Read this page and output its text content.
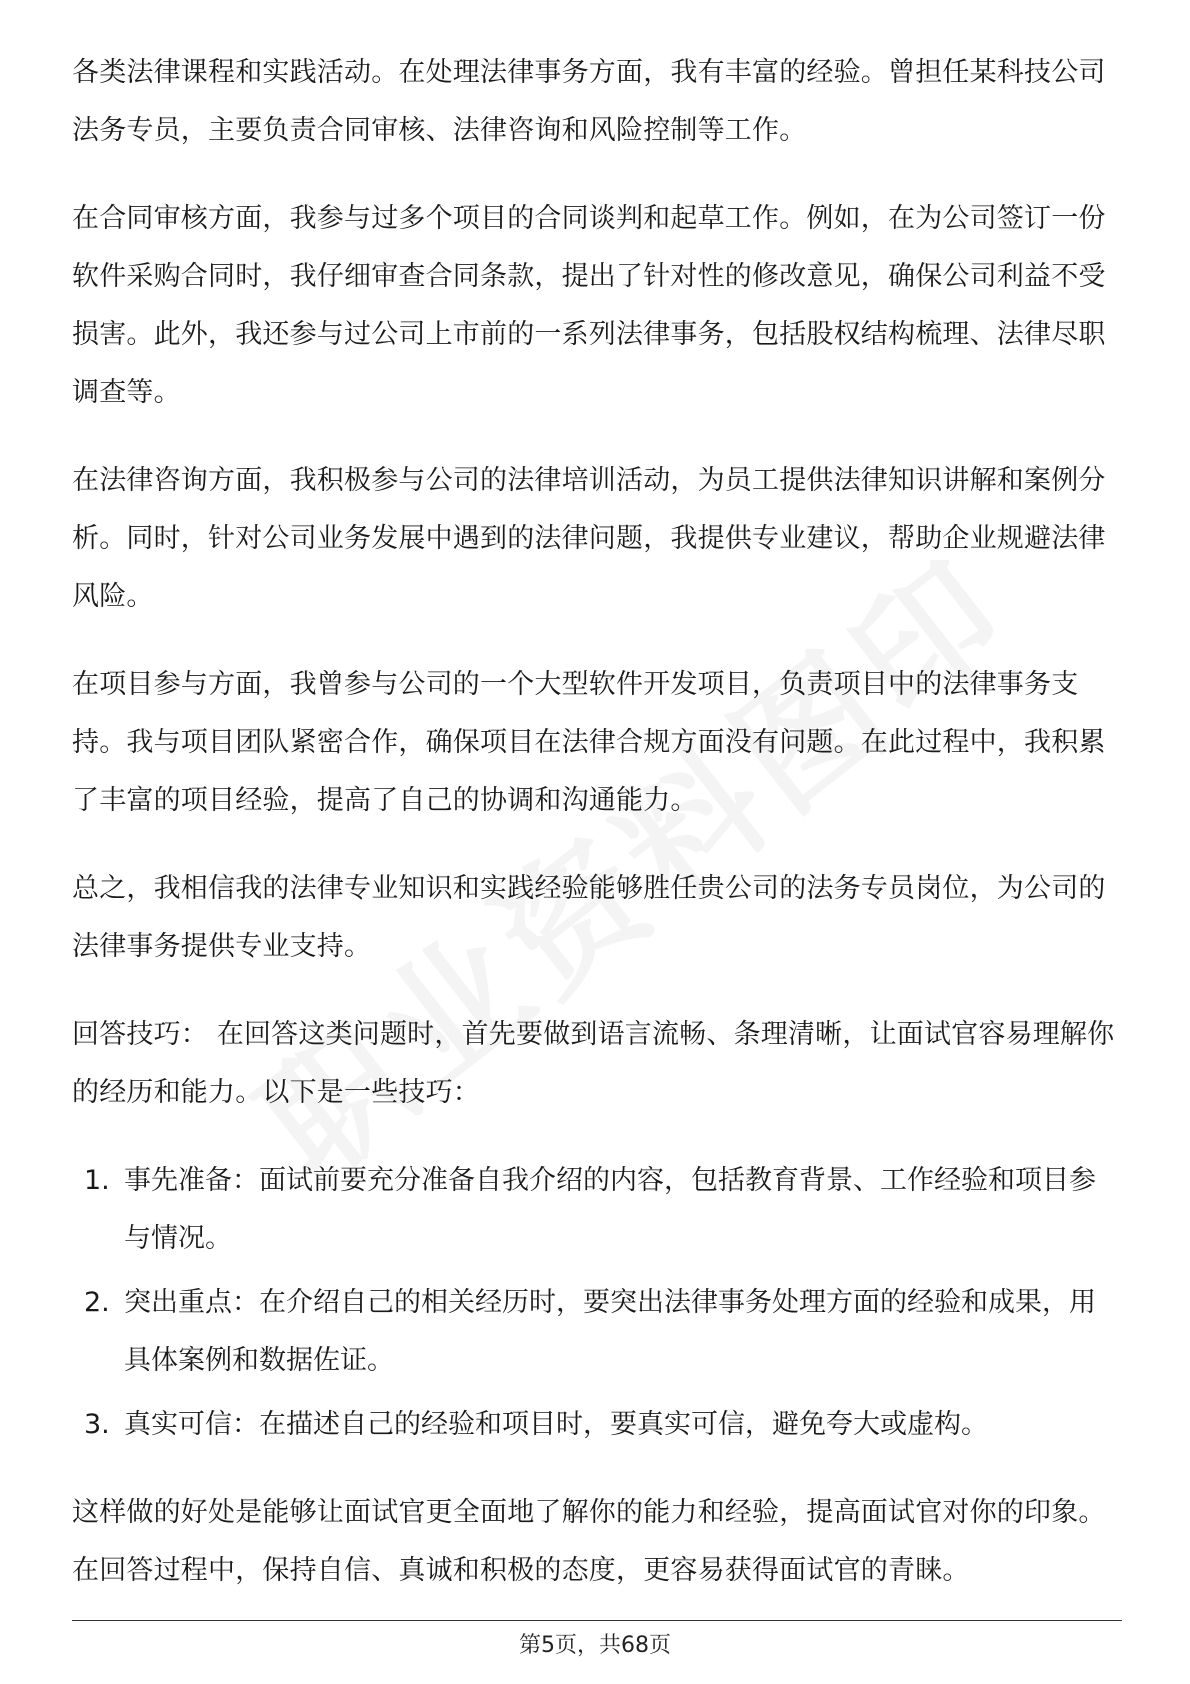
各类法律课程和实践活动。在处理法律事务方面，我有丰富的经验。曾担任某科技公司法务专员，主要负责合同审核、法律咨询和风险控制等工作。

在合同审核方面，我参与过多个项目的合同谈判和起草工作。例如，在为公司签订一份软件采购合同时，我仔细审查合同条款，提出了针对性的修改意见，确保公司利益不受损害。此外，我还参与过公司上市前的一系列法律事务，包括股权结构梳理、法律尽职调查等。

在法律咨询方面，我积极参与公司的法律培训活动，为员工提供法律知识讲解和案例分析。同时，针对公司业务发展中遇到的法律问题，我提供专业建议，帮助企业规避法律风险。

在项目参与方面，我曾参与公司的一个大型软件开发项目，负责项目中的法律事务支持。我与项目团队紧密合作，确保项目在法律合规方面没有问题。在此过程中，我积累了丰富的项目经验，提高了自己的协调和沟通能力。

总之，我相信我的法律专业知识和实践经验能够胜任贵公司的法务专员岗位，为公司的法律事务提供专业支持。

回答技巧： 在回答这类问题时，首先要做到语言流畅、条理清晰，让面试官容易理解你的经历和能力。以下是一些技巧：

1. 事先准备：面试前要充分准备自我介绍的内容，包括教育背景、工作经验和项目参与情况。
2. 突出重点：在介绍自己的相关经历时，要突出法律事务处理方面的经验和成果，用具体案例和数据佐证。
3. 真实可信：在描述自己的经验和项目时，要真实可信，避免夸大或虚构。

这样做的好处是能够让面试官更全面地了解你的能力和经验，提高面试官对你的印象。在回答过程中，保持自信、真诚和积极的态度，更容易获得面试官的青睐。

第5页，共68页
